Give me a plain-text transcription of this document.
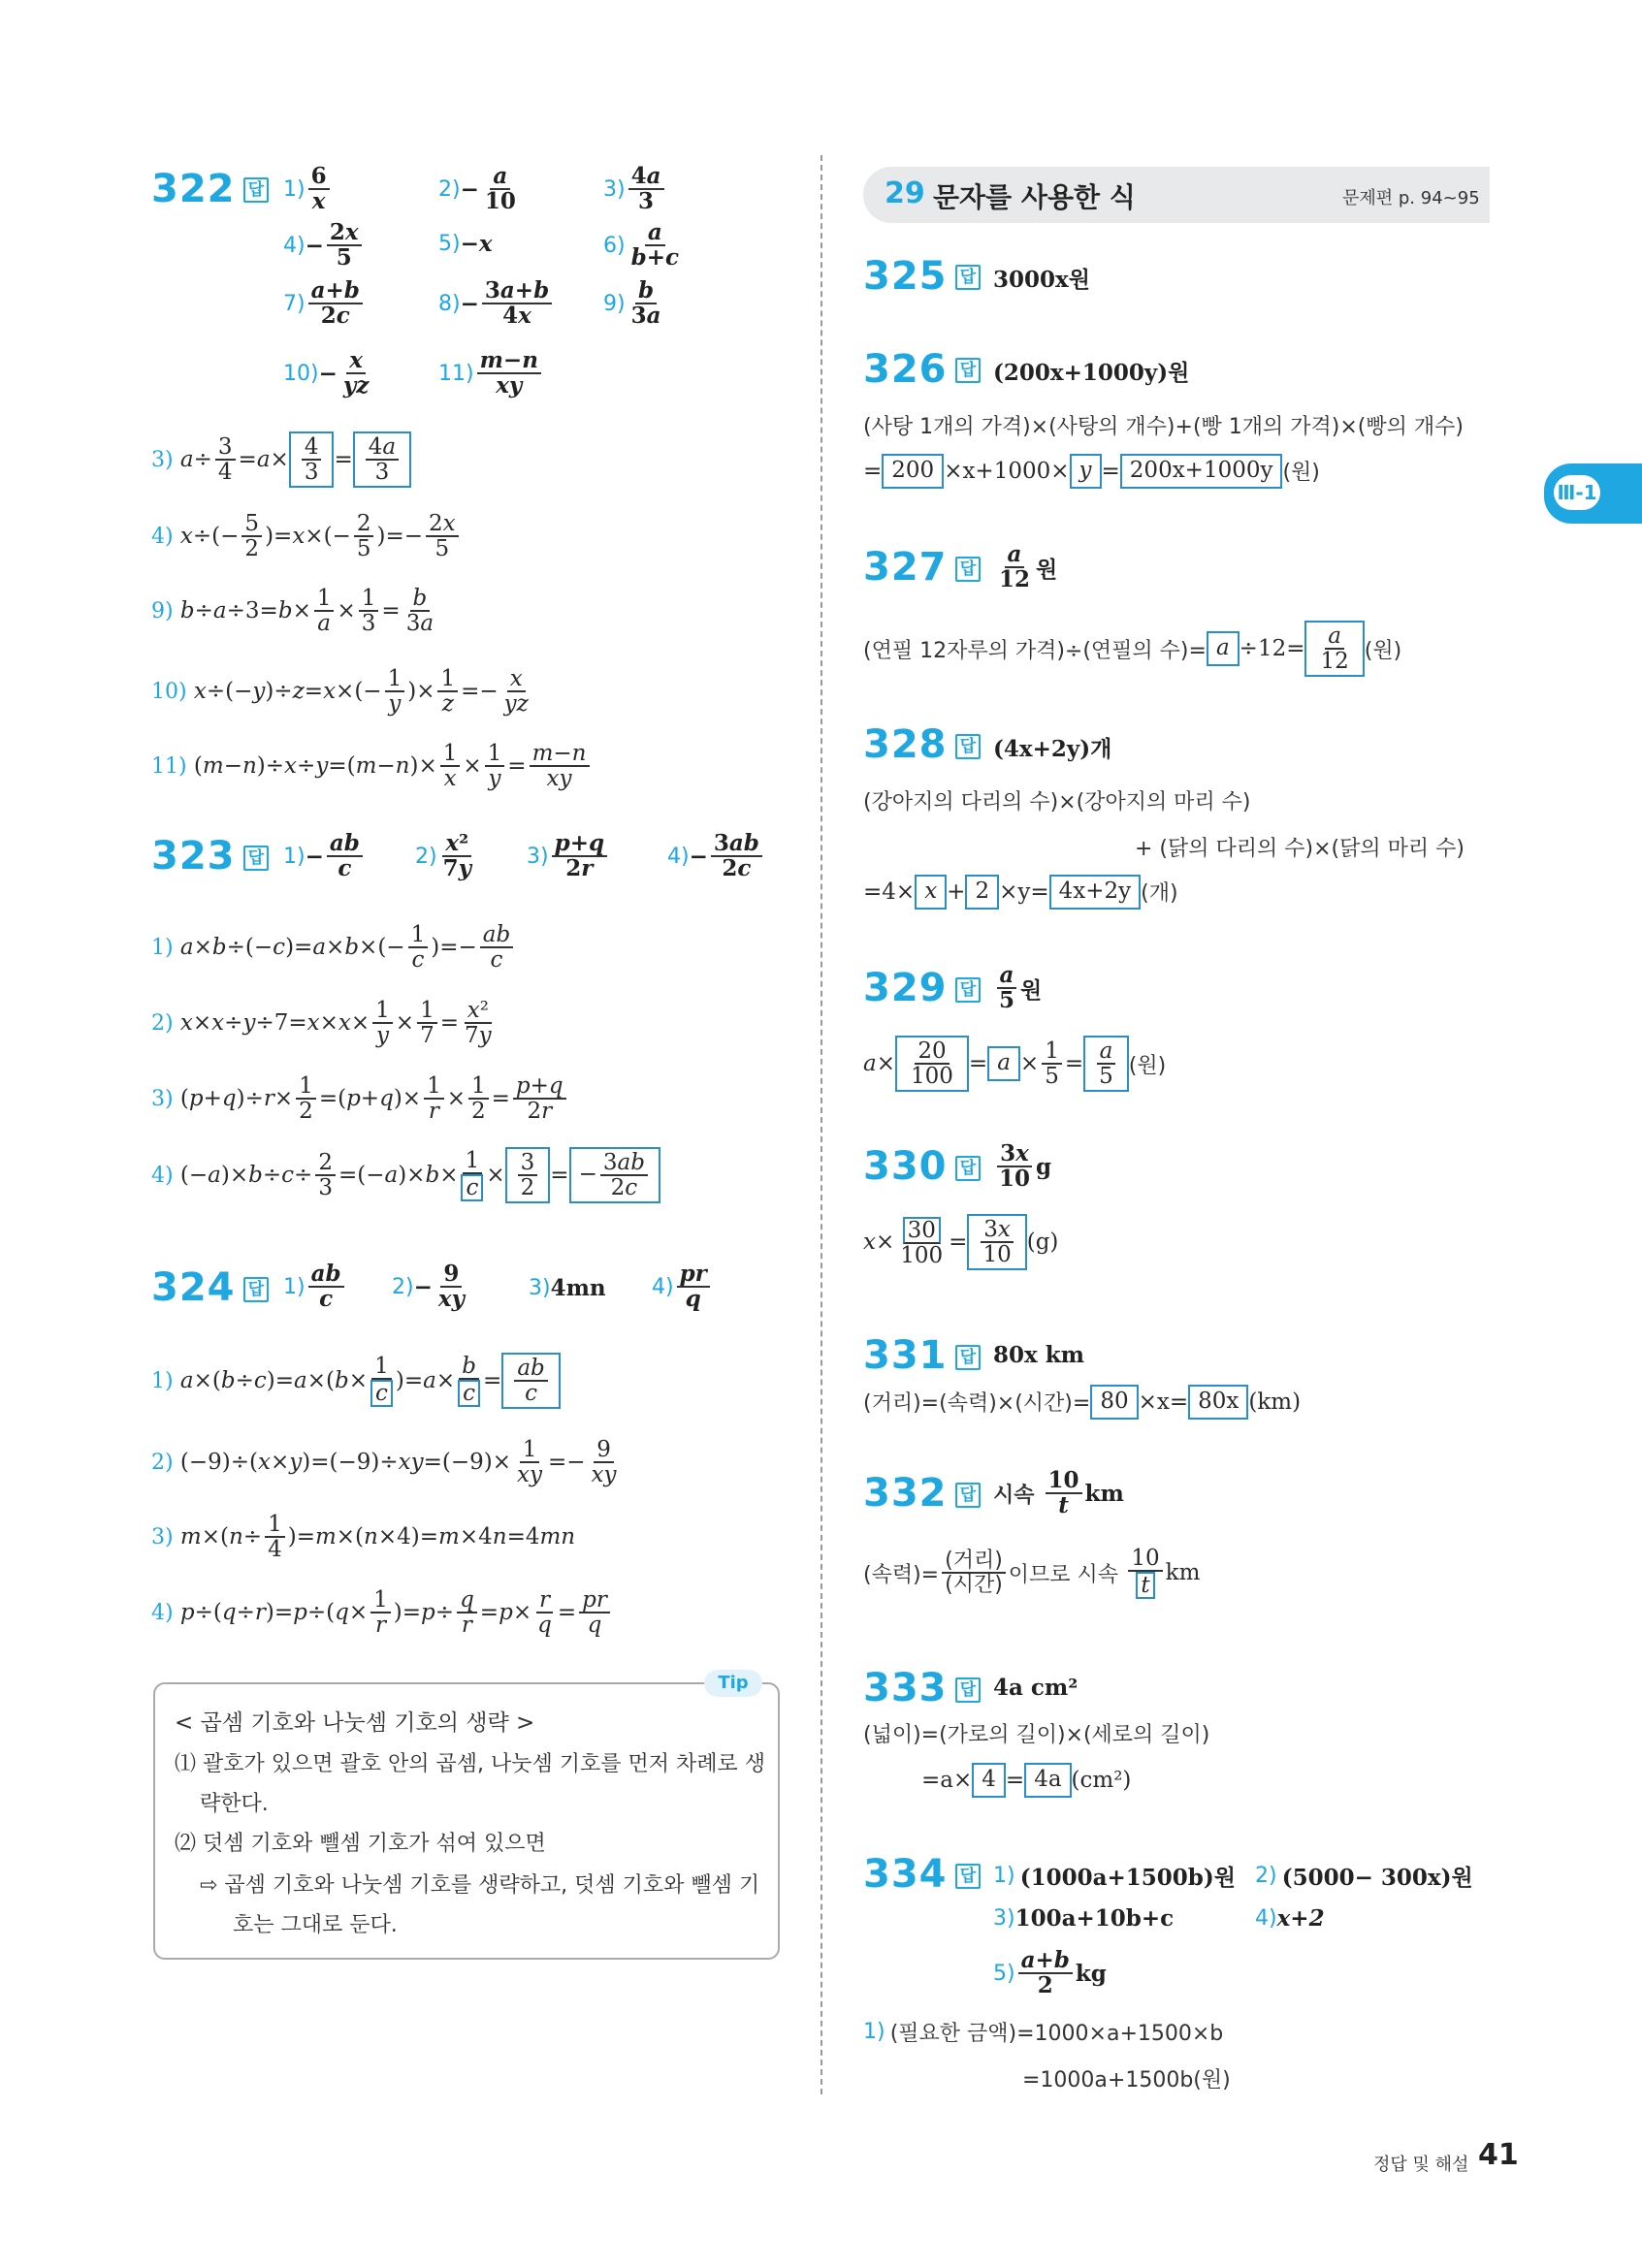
29 문자를 사용한 식	문제편 p. 94~95
Ⅲ-1
322 답 $1) \frac{6}{x}$	$2) - \frac{a}{10}$	$3) \frac{4a}{3}$
$4) - \frac{2x}{5}$	5) −x	$6) \frac{a}{b+c}$
$7) \frac{a+b}{2c}$	$8) - \frac{3a+b}{4x} 9) \frac{b}{3a}$
$10) - \frac{x}{yz}$	$11) \frac{m-n}{xy}$
3)
$a \div \frac{3}{4} = a \times \frac{4}{3} = \frac{4a}{3}$
4)
x ÷(− $\frac{5}{2}$ )= x ×(− $\frac{2}{5}$ )=− $\frac{2x}{5}$
9)
$b \div a \div 3= b \times \frac{1}{a} \times \frac{1}{3} = \frac{b}{3a}$
10)
x ÷(− y )÷ z = x ×(− $\frac{1}{y}$ )× $\frac{1}{z} =- \frac{x}{yz}$
11) ( m − n )÷ x ÷ y =( m − n )× $\frac{1}{x} \times \frac{1}{y} = \frac{m-n}{xy}$
323 답 $1) - \frac{ab}{c} 2) \frac{\text{x²}}{7y} 3) \frac{p+q}{2r}$	$4) - \frac{3ab}{2c}$
1)
a × b ÷(− c )= a × b ×(− $\frac{1}{c}$ )=− $\frac{ab}{c}$
2)
$x \times x \div y \div 7= x \times x \times \frac{1}{y} \times \frac{1}{7} = \frac{\text{x²}}{7y}$
3) ( p + q )÷ $r \times \frac{1}{2}$ =( p + q )× $\frac{1}{r} \times \frac{1}{2} = \frac{p+q}{2r}$
4) (− a )× $b \div c \div \frac{2}{3}$ =(− a )× $b \times \frac{1}{c} \times \frac{3}{2}$ = − $\frac{3ab}{2c}$
324 답 $1) \frac{ab}{c} 2) - \frac{9}{xy}$	3) 4mn $4) \frac{pr}{q}$
1)
a ×( b ÷ c )= a ×( $b \times \frac{1}{c}$ )= $a \times \frac{b}{c} = \frac{ab}{c}$
2) (−9)÷( x × y )=(−9)÷ xy $=(-9)\times \frac{1}{xy} =- \frac{9}{xy}$
3)
m ×( $n \div \frac{1}{4}$ )= m ×( n ×4)= m ×4 n =4 mn
4)
p ÷( q ÷ r )= p ÷( $q \times \frac{1}{r}$ )= $p \div \frac{q}{r} = p \times \frac{r}{q} = \frac{pr}{q}$
Tip
< 곱셈 기호와 나눗셈 기호의 생략 >
⑴ 괄호가 있으면 괄호 안의 곱셈, 나눗셈 기호를 먼저 차례로 생
략한다.
⑵ 덧셈 기호와 뺄셈 기호가 섞여 있으면
⇨ 곱셈 기호와 나눗셈 기호를 생략하고, 덧셈 기호와 뺄셈 기
호는 그대로 둔다.
325 답 3000x원
326 답 (200x+1000y)원
(사탕 1개의 가격)×(사탕의 개수)+(빵 1개의 가격)×(빵의 개수)
= 200 ×x+1000× y = 200x+1000y (원)
327 답 $\frac{a}{12}$ 원
(연필 12자루의 가격)÷(연필의 수)= $a \div 12= \frac{a}{12}$ (원)
328 답 (4x+2y)개
(강아지의 다리의 수)×(강아지의 마리 수)
+ (닭의 다리의 수)×(닭의 마리 수)
=4× x + 2 ×y= 4x+2y (개)
329 답 $\frac{a}{5}$ 원
$a \times \frac{20}{100} = a \times \frac{1}{5} = \frac{a}{5}$ (원)
330 답 $\frac{3x}{10}$ g
$x \times \frac{30}{100} = \frac{3x}{10} (g)$
331 답 80x km
(거리)=(속력)×(시간)= 80 ×x= 80x (km)
332 답 시속
$\frac{10}{t}$ km
(속력)= $\frac{\text{(거리)}}{\text{(시간)}}$ 이므로 시속
$\frac{10}{t}$ km
333 답 4a cm²
(넓이)=(가로의 길이)×(세로의 길이)
=a× 4 = 4a (cm²)
334 답 1)
(1000a+1500b)원 2)
(5000− 300x)원
3) 100a+10b+c	4) x+2
$5) \frac{a+b}{2}$ kg
1)
(필요한 금액)=1000×a+1500×b
=1000a+1500b(원)
정답 및 해설 41
